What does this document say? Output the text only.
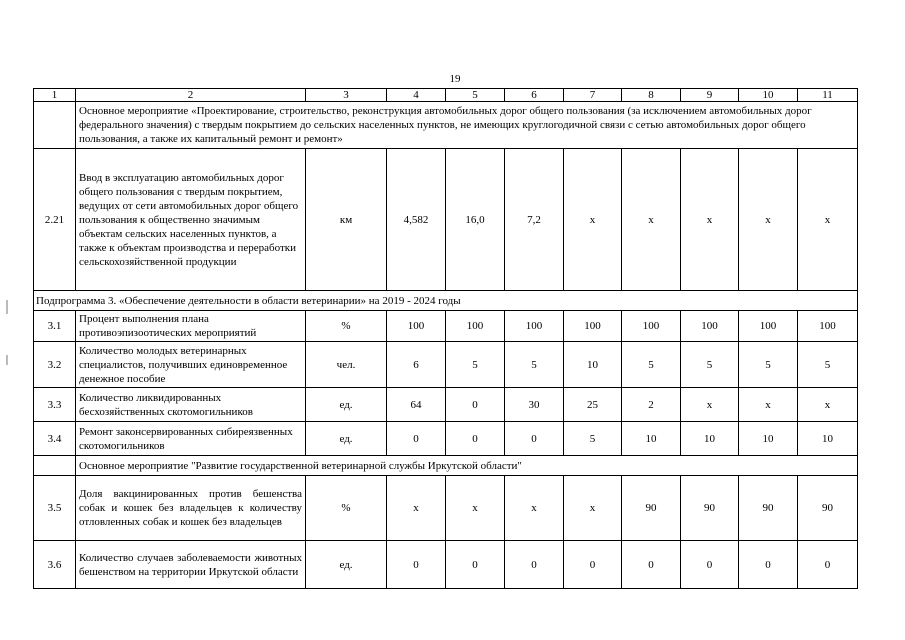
19
1	2	3	4	5	6	7	8	9	10	11
	Основное мероприятие «Проектирование, строительство, реконструкция автомобильных дорог общего пользования (за исключением автомобильных дорог федерального значения) с твердым покрытием до сельских населенных пунктов, не имеющих круглогодичной связи с сетью автомобильных дорог общего пользования, а также их капитальный ремонт и ремонт»									
2.21	Ввод в эксплуатацию автомобильных дорог общего пользования с твердым покрытием, ведущих от сети автомобильных дорог общего пользования к общественно значимым объектам сельских населенных пунктов, а также к объектам производства и переработки сельскохозяйственной продукции	км	4,582	16,0	7,2	х	х	х	х	х
Подпрограмма 3. «Обеспечение деятельности в области ветеринарии» на 2019 - 2024 годы										
3.1	Процент выполнения плана противоэпизоотических мероприятий	%	100	100	100	100	100	100	100	100
3.2	Количество молодых ветеринарных специалистов, получивших единовременное денежное пособие	чел.	6	5	5	10	5	5	5	5
3.3	Количество ликвидированных бесхозяйственных скотомогильников	ед.	64	0	30	25	2	х	х	х
3.4	Ремонт законсервированных сибиреязвенных скотомогильников	ед.	0	0	0	5	10	10	10	10
	Основное мероприятие "Развитие государственной ветеринарной службы Иркутской области"									
3.5	Доля вакцинированных против бешенства собак и кошек без владельцев к количеству отловленных собак и кошек без владельцев	%	х	х	х	х	90	90	90	90
3.6	Количество случаев заболеваемости животных бешенством на территории Иркутской области	ед.	0	0	0	0	0	0	0	0
